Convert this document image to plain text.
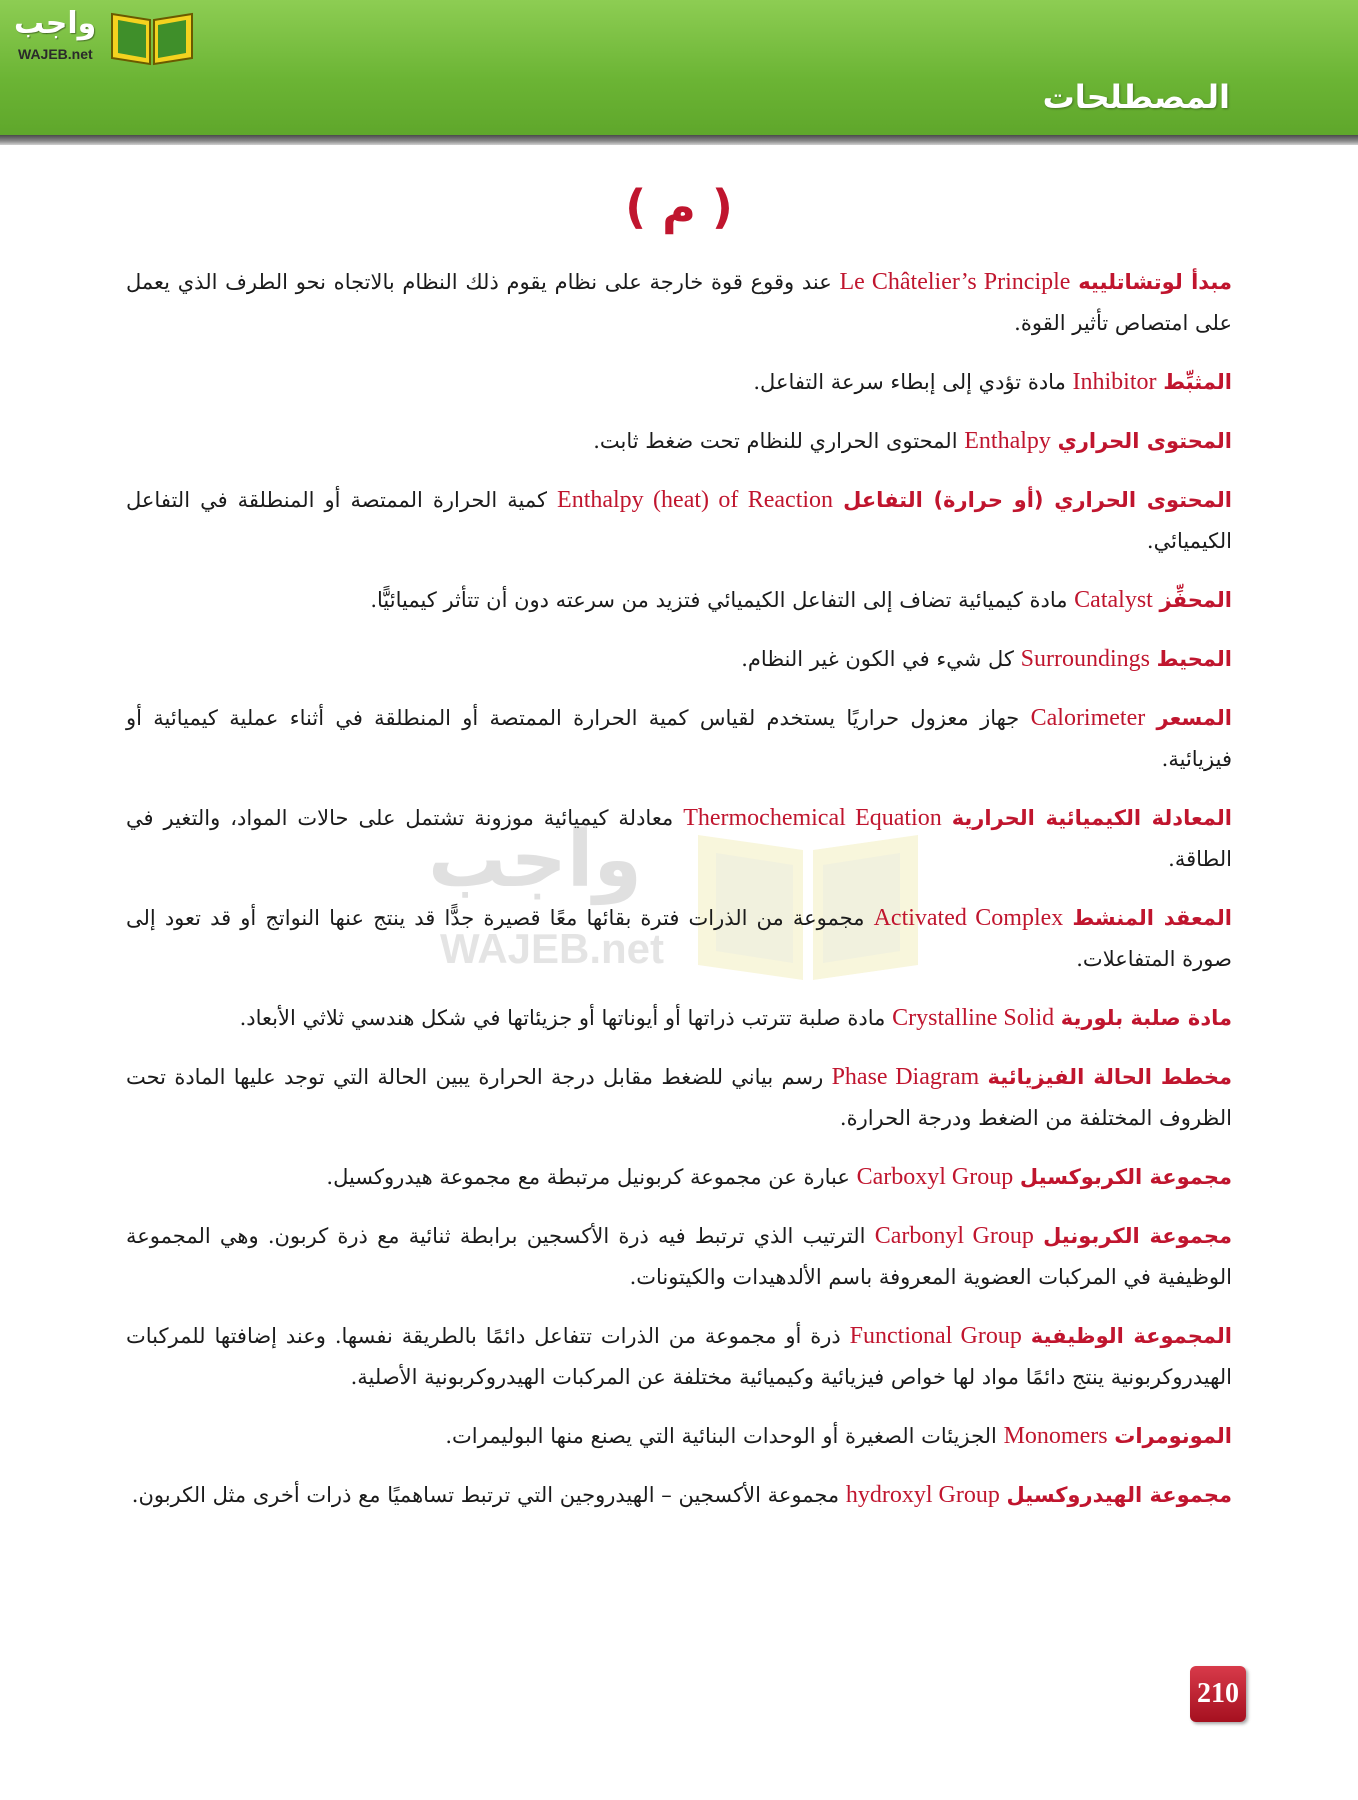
واجب
WAJEB.net
المصطلحات
( م )
واجب
WAJEB.net

مبدأ لوتشاتلييه Le Châtelier’s Principle عند وقوع قوة خارجة على نظام يقوم ذلك النظام بالاتجاه نحو الطرف الذي يعمل على امتصاص تأثير القوة.

المثبِّط Inhibitor مادة تؤدي إلى إبطاء سرعة التفاعل.

المحتوى الحراري Enthalpy المحتوى الحراري للنظام تحت ضغط ثابت.

المحتوى الحراري (أو حرارة) التفاعل Enthalpy (heat) of Reaction كمية الحرارة الممتصة أو المنطلقة في التفاعل الكيميائي.

المحفِّز Catalyst مادة كيميائية تضاف إلى التفاعل الكيميائي فتزيد من سرعته دون أن تتأثر كيميائيًّا.

المحيط Surroundings كل شيء في الكون غير النظام.

المسعر Calorimeter جهاز معزول حراريًا يستخدم لقياس كمية الحرارة الممتصة أو المنطلقة في أثناء عملية كيميائية أو فيزيائية.

المعادلة الكيميائية الحرارية Thermochemical Equation معادلة كيميائية موزونة تشتمل على حالات المواد، والتغير في الطاقة.

المعقد المنشط Activated Complex مجموعة من الذرات فترة بقائها معًا قصيرة جدًّا قد ينتج عنها النواتج أو قد تعود إلى صورة المتفاعلات.

مادة صلبة بلورية Crystalline Solid مادة صلبة تترتب ذراتها أو أيوناتها أو جزيئاتها في شكل هندسي ثلاثي الأبعاد.

مخطط الحالة الفيزيائية Phase Diagram رسم بياني للضغط مقابل درجة الحرارة يبين الحالة التي توجد عليها المادة تحت الظروف المختلفة من الضغط ودرجة الحرارة.

مجموعة الكربوكسيل Carboxyl Group عبارة عن مجموعة كربونيل مرتبطة مع مجموعة هيدروكسيل.

مجموعة الكربونيل Carbonyl Group الترتيب الذي ترتبط فيه ذرة الأكسجين برابطة ثنائية مع ذرة كربون. وهي المجموعة الوظيفية في المركبات العضوية المعروفة باسم الألدهيدات والكيتونات.

المجموعة الوظيفية Functional Group ذرة أو مجموعة من الذرات تتفاعل دائمًا بالطريقة نفسها. وعند إضافتها للمركبات الهيدروكربونية ينتج دائمًا مواد لها خواص فيزيائية وكيميائية مختلفة عن المركبات الهيدروكربونية الأصلية.

المونومرات Monomers الجزيئات الصغيرة أو الوحدات البنائية التي يصنع منها البوليمرات.

مجموعة الهيدروكسيل hydroxyl Group مجموعة الأكسجين – الهيدروجين التي ترتبط تساهميًا مع ذرات أخرى مثل الكربون.

210
